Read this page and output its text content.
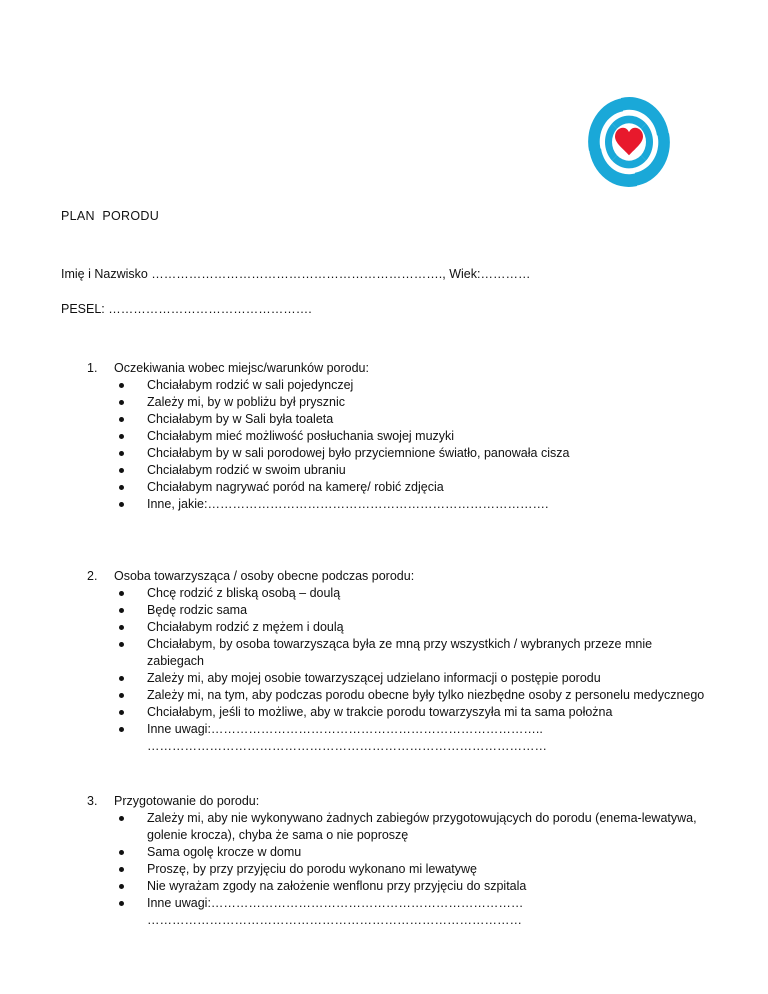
PLAN  PORODU
Imię i Nazwisko ……………………………………………………………., Wiek:…………
PESEL: ………………………………………….
1.	Oczekiwania wobec miejsc/warunków porodu:
Chciałabym rodzić w sali pojedynczej
Zależy mi, by w pobliżu był prysznic
Chciałabym by w Sali była toaleta
Chciałabym mieć możliwość posłuchania swojej muzyki
Chciałabym by w sali porodowej było przyciemnione światło, panowała cisza
Chciałabym rodzić w swoim ubraniu
Chciałabym nagrywać poród na kamerę/ robić zdjęcia
Inne, jakie:……………………………………………………………………….
2.	Osoba towarzysząca / osoby obecne podczas porodu:
Chcę rodzić z bliską osobą – doulą
Będę rodzic sama
Chciałabym rodzić z mężem i doulą
Chciałabym, by osoba towarzysząca była ze mną przy wszystkich / wybranych przeze mnie zabiegach
Zależy mi, aby mojej osobie towarzyszącej udzielano informacji o postępie porodu
Zależy mi, na tym, aby podczas porodu obecne były tylko niezbędne osoby z personelu medycznego
Chciałabym, jeśli to możliwe, aby w trakcie porodu towarzyszyła mi ta sama położna
Inne uwagi:……………………………………………………………………..
……………………………………………………………………………………
3.	Przygotowanie do porodu:
Zależy mi, aby nie wykonywano żadnych zabiegów przygotowujących do porodu (enema-lewatywa, golenie krocza), chyba że sama o nie poproszę
Sama ogolę krocze w domu
Proszę, by przy przyjęciu do porodu wykonano mi lewatywę
Nie wyrażam zgody na założenie wenflonu przy przyjęciu do szpitala
Inne uwagi:…………………………………………………………………
………………………………………………………………………………
